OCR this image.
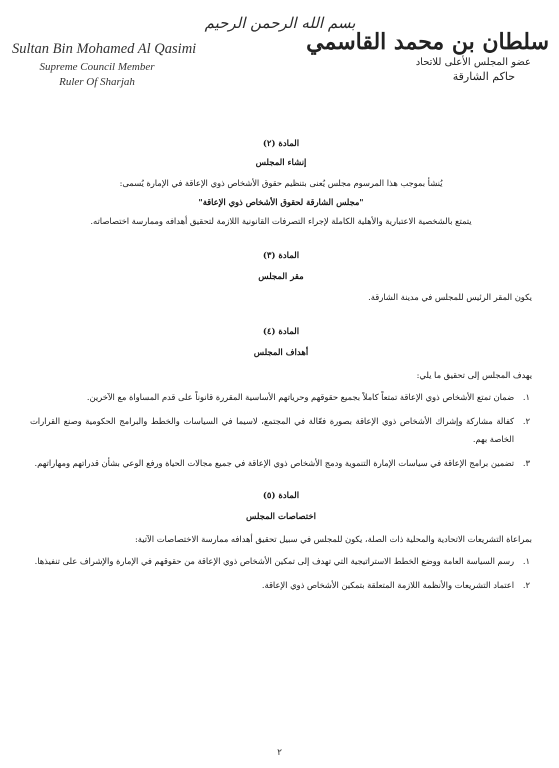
بسم الله الرحمن الرحيم
Sultan Bin Mohamed Al Qasimi
Supreme Council Member
Ruler Of Sharjah
سلطان بن محمد القاسمي
عضو المجلس الأعلى للاتحاد
حاكم الشارقة
المادة (٢)
إنشاء المجلس
يُنشأ بموجب هذا المرسوم مجلس يُعنى بتنظيم حقوق الأشخاص ذوي الإعاقة في الإمارة يُسمى:
"مجلس الشارقة لحقوق الأشخاص ذوي الإعاقة"
يتمتع بالشخصية الاعتبارية والأهلية الكاملة لإجراء التصرفات القانونية اللازمة لتحقيق أهدافه وممارسة اختصاصاته.
المادة (٣)
مقر المجلس
يكون المقر الرئيس للمجلس في مدينة الشارقة.
المادة (٤)
أهداف المجلس
يهدف المجلس إلى تحقيق ما يلي:
١.
ضمان تمتع الأشخاص ذوي الإعاقة تمتعاً كاملاً بجميع حقوقهم وحرياتهم الأساسية المقررة قانوناً على قدم المساواة مع الآخرين.
٢.
كفالة مشاركة وإشراك الأشخاص ذوي الإعاقة بصورة فعّالة في المجتمع، لاسيما في السياسات والخطط والبرامج الحكومية وصنع القرارات الخاصة بهم.
٣.
تضمين برامج الإعاقة في سياسات الإمارة التنموية ودمج الأشخاص ذوي الإعاقة في جميع مجالات الحياة ورفع الوعي بشأن قدراتهم ومهاراتهم.
المادة (٥)
اختصاصات المجلس
بمراعاة التشريعات الاتحادية والمحلية ذات الصلة، يكون للمجلس في سبيل تحقيق أهدافه ممارسة الاختصاصات الآتية:
١.
رسم السياسة العامة ووضع الخطط الاستراتيجية التي تهدف إلى تمكين الأشخاص ذوي الإعاقة من حقوقهم في الإمارة والإشراف على تنفيذها.
٢.
اعتماد التشريعات والأنظمة اللازمة المتعلقة بتمكين الأشخاص ذوي الإعاقة.
٢
